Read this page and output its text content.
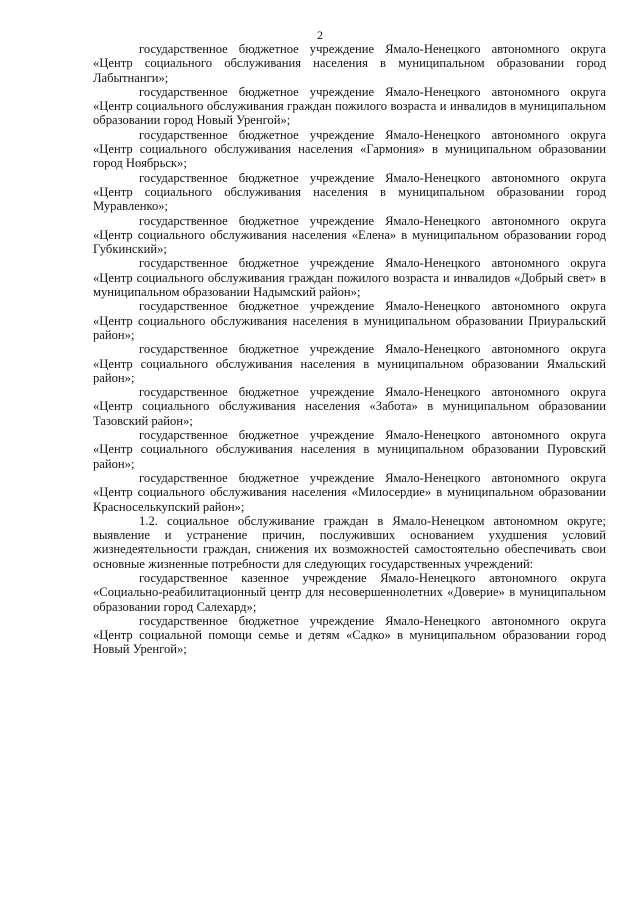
2

государственное бюджетное учреждение Ямало-Ненецкого автономного округа «Центр социального обслуживания населения в муниципальном образовании город Лабытнанги»;

государственное бюджетное учреждение Ямало-Ненецкого автономного округа «Центр социального обслуживания граждан пожилого возраста и инвалидов в муниципальном образовании город Новый Уренгой»;

государственное бюджетное учреждение Ямало-Ненецкого автономного округа «Центр социального обслуживания населения «Гармония» в муниципальном образовании город Ноябрьск»;

государственное бюджетное учреждение Ямало-Ненецкого автономного округа «Центр социального обслуживания населения в муниципальном образовании город Муравленко»;

государственное бюджетное учреждение Ямало-Ненецкого автономного округа «Центр социального обслуживания населения «Елена» в муниципальном образовании город Губкинский»;

государственное бюджетное учреждение Ямало-Ненецкого автономного округа «Центр социального обслуживания граждан пожилого возраста и инвалидов «Добрый свет» в муниципальном образовании Надымский район»;

государственное бюджетное учреждение Ямало-Ненецкого автономного округа «Центр социального обслуживания населения в муниципальном образовании Приуральский район»;

государственное бюджетное учреждение Ямало-Ненецкого автономного округа «Центр социального обслуживания населения в муниципальном образовании Ямальский район»;

государственное бюджетное учреждение Ямало-Ненецкого автономного округа «Центр социального обслуживания населения «Забота» в муниципальном образовании Тазовский район»;

государственное бюджетное учреждение Ямало-Ненецкого автономного округа «Центр социального обслуживания населения в муниципальном образовании Пуровский район»;

государственное бюджетное учреждение Ямало-Ненецкого автономного округа «Центр социального обслуживания населения «Милосердие» в муниципальном образовании Красноселькупский район»;

1.2. социальное обслуживание граждан в Ямало-Ненецком автономном округе; выявление и устранение причин, послуживших основанием ухудшения условий жизнедеятельности граждан, снижения их возможностей самостоятельно обеспечивать свои основные жизненные потребности для следующих государственных учреждений:

государственное казенное учреждение Ямало-Ненецкого автономного округа «Социально-реабилитационный центр для несовершеннолетних «Доверие» в муниципальном образовании город Салехард»;

государственное бюджетное учреждение Ямало-Ненецкого автономного округа «Центр социальной помощи семье и детям «Садко» в муниципальном образовании город Новый Уренгой»;
